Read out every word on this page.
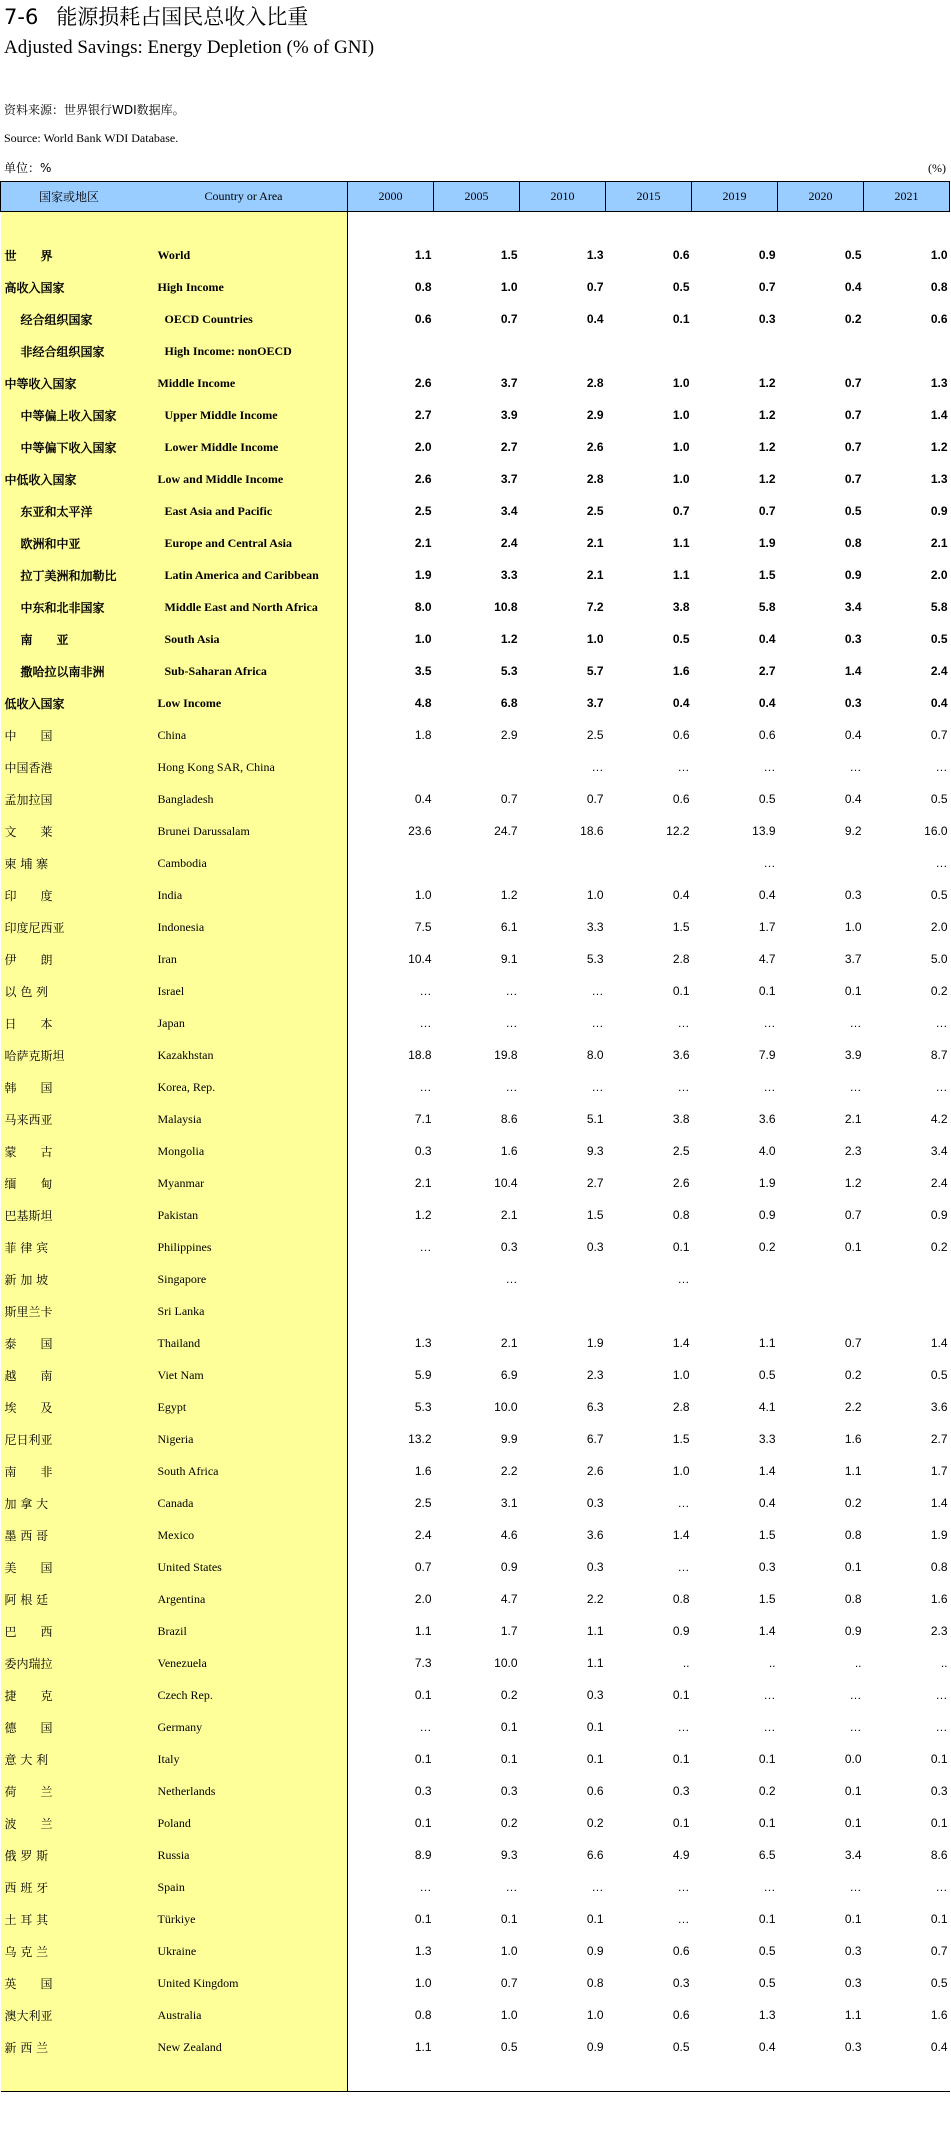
7-6 能源损耗占国民总收入比重
Adjusted Savings: Energy Depletion (% of GNI)
资料来源：世界银行WDI数据库。
Source: World Bank WDI Database.
单位：%	(%)
国家或地区	Country or Area	2000	2005	2010	2015	2019	2020	2021

世　　界	World	1.1	1.5	1.3	0.6	0.9	0.5	1.0
高收入国家	High Income	0.8	1.0	0.7	0.5	0.7	0.4	0.8
经合组织国家	OECD Countries	0.6	0.7	0.4	0.1	0.3	0.2	0.6
非经合组织国家	High Income: nonOECD							
中等收入国家	Middle Income	2.6	3.7	2.8	1.0	1.2	0.7	1.3
中等偏上收入国家	Upper Middle Income	2.7	3.9	2.9	1.0	1.2	0.7	1.4
中等偏下收入国家	Lower Middle Income	2.0	2.7	2.6	1.0	1.2	0.7	1.2
中低收入国家	Low and Middle Income	2.6	3.7	2.8	1.0	1.2	0.7	1.3
东亚和太平洋	East Asia and Pacific	2.5	3.4	2.5	0.7	0.7	0.5	0.9
欧洲和中亚	Europe and Central Asia	2.1	2.4	2.1	1.1	1.9	0.8	2.1
拉丁美洲和加勒比	Latin America and Caribbean	1.9	3.3	2.1	1.1	1.5	0.9	2.0
中东和北非国家	Middle East and North Africa	8.0	10.8	7.2	3.8	5.8	3.4	5.8
南　　亚	South Asia	1.0	1.2	1.0	0.5	0.4	0.3	0.5
撒哈拉以南非洲	Sub-Saharan Africa	3.5	5.3	5.7	1.6	2.7	1.4	2.4
低收入国家	Low Income	4.8	6.8	3.7	0.4	0.4	0.3	0.4
中　　国	China	1.8	2.9	2.5	0.6	0.6	0.4	0.7
中国香港	Hong Kong SAR, China			…	…	…	…	…
孟加拉国	Bangladesh	0.4	0.7	0.7	0.6	0.5	0.4	0.5
文　　莱	Brunei Darussalam	23.6	24.7	18.6	12.2	13.9	9.2	16.0
柬 埔 寨	Cambodia					…		…
印　　度	India	1.0	1.2	1.0	0.4	0.4	0.3	0.5
印度尼西亚	Indonesia	7.5	6.1	3.3	1.5	1.7	1.0	2.0
伊　　朗	Iran	10.4	9.1	5.3	2.8	4.7	3.7	5.0
以 色 列	Israel	…	…	…	0.1	0.1	0.1	0.2
日　　本	Japan	…	…	…	…	…	…	…
哈萨克斯坦	Kazakhstan	18.8	19.8	8.0	3.6	7.9	3.9	8.7
韩　　国	Korea, Rep.	…	…	…	…	…	…	…
马来西亚	Malaysia	7.1	8.6	5.1	3.8	3.6	2.1	4.2
蒙　　古	Mongolia	0.3	1.6	9.3	2.5	4.0	2.3	3.4
缅　　甸	Myanmar	2.1	10.4	2.7	2.6	1.9	1.2	2.4
巴基斯坦	Pakistan	1.2	2.1	1.5	0.8	0.9	0.7	0.9
菲 律 宾	Philippines	…	0.3	0.3	0.1	0.2	0.1	0.2
新 加 坡	Singapore		…		…			
斯里兰卡	Sri Lanka							
泰　　国	Thailand	1.3	2.1	1.9	1.4	1.1	0.7	1.4
越　　南	Viet Nam	5.9	6.9	2.3	1.0	0.5	0.2	0.5
埃　　及	Egypt	5.3	10.0	6.3	2.8	4.1	2.2	3.6
尼日利亚	Nigeria	13.2	9.9	6.7	1.5	3.3	1.6	2.7
南　　非	South Africa	1.6	2.2	2.6	1.0	1.4	1.1	1.7
加 拿 大	Canada	2.5	3.1	0.3	…	0.4	0.2	1.4
墨 西 哥	Mexico	2.4	4.6	3.6	1.4	1.5	0.8	1.9
美　　国	United States	0.7	0.9	0.3	…	0.3	0.1	0.8
阿 根 廷	Argentina	2.0	4.7	2.2	0.8	1.5	0.8	1.6
巴　　西	Brazil	1.1	1.7	1.1	0.9	1.4	0.9	2.3
委内瑞拉	Venezuela	7.3	10.0	1.1	..	..	..	..
捷　　克	Czech Rep.	0.1	0.2	0.3	0.1	…	…	…
德　　国	Germany	…	0.1	0.1	…	…	…	…
意 大 利	Italy	0.1	0.1	0.1	0.1	0.1	0.0	0.1
荷　　兰	Netherlands	0.3	0.3	0.6	0.3	0.2	0.1	0.3
波　　兰	Poland	0.1	0.2	0.2	0.1	0.1	0.1	0.1
俄 罗 斯	Russia	8.9	9.3	6.6	4.9	6.5	3.4	8.6
西 班 牙	Spain	…	…	…	…	…	…	…
土 耳 其	Türkiye	0.1	0.1	0.1	…	0.1	0.1	0.1
乌 克 兰	Ukraine	1.3	1.0	0.9	0.6	0.5	0.3	0.7
英　　国	United Kingdom	1.0	0.7	0.8	0.3	0.5	0.3	0.5
澳大利亚	Australia	0.8	1.0	1.0	0.6	1.3	1.1	1.6
新 西 兰	New Zealand	1.1	0.5	0.9	0.5	0.4	0.3	0.4
